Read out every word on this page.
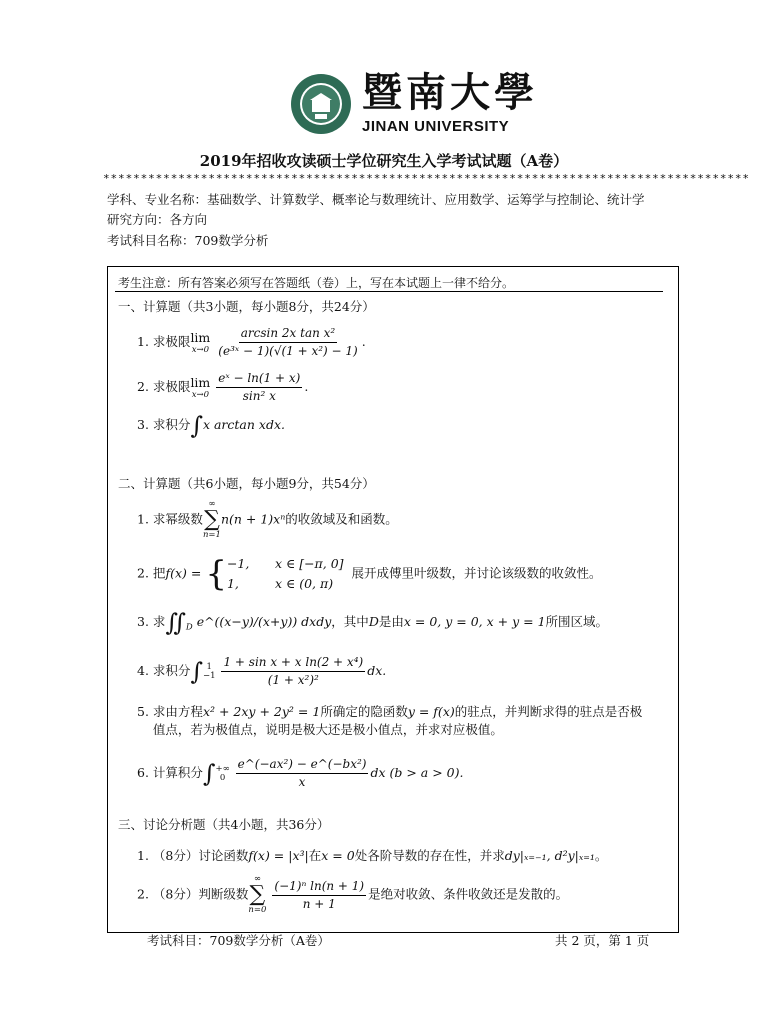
暨南大學
JINAN UNIVERSITY
2019年招收攻读硕士学位研究生入学考试试题（A卷）
**************************************************************************************
学科、专业名称：基础数学、计算数学、概率论与数理统计、应用数学、运筹学与控制论、统计学
研究方向：各方向
考试科目名称：709数学分析
考生注意：所有答案必须写在答题纸（卷）上，写在本试题上一律不给分。
一、计算题（共3小题，每小题8分，共24分）
1. 求极限 lim
x→0
$\frac{\text{arcsin 2x tan x²}}{\text{(e³ˣ − 1)(√(1 + x²) − 1)}}$ .
2. 求极限 lim
x→0
$\frac{\text{eˣ − ln(1 + x)}}{\text{sin² x}}$ .
3. 求积分∫x arctan xdx.
二、计算题（共6小题，每小题9分，共54分）
1. 求幂级数
∞
∑
n=1
n(n + 1)xⁿ的收敛域及和函数。
2. 把f(x) = { −1, x ∈ [−π, 0]
1,	x ∈ (0, π)
展开成傅里叶级数，并讨论该级数的收敛性。
3. 求$∬_D$ e^((x−y)/(x+y)) dxdy，其中D是由x = 0, y = 0, x + y = 1所围区域。
4. 求积分∫ 1
−1
$\frac{\text{1 + sin x + x ln(2 + x⁴)}}{\text{(1 + x²)²}}$ dx.
5. 求由方程x² + 2xy + 2y² = 1所确定的隐函数y = f(x)的驻点，并判断求得的驻点是否极
值点，若为极值点，说明是极大还是极小值点，并求对应极值。
6. 计算积分∫ +∞
0
$\frac{\text{e\textasciicircum{}(−ax²) − e\textasciicircum{}(−bx²)}}{x}$ dx (b > a > 0).
三、讨论分析题（共4小题，共36分）
1. （8分）讨论函数f(x) = |x³|在x = 0处各阶导数的存在性，并求dy|ₓ₌₋₁, d²y|ₓ₌₁。
2. （8分）判断级数
∞
∑
n=0
$\frac{\text{(−1)ⁿ ln(n + 1)}}{n + 1}$ 是绝对收敛、条件收敛还是发散的。
考试科目：709数学分析（A卷）	共 2 页，第 1 页
